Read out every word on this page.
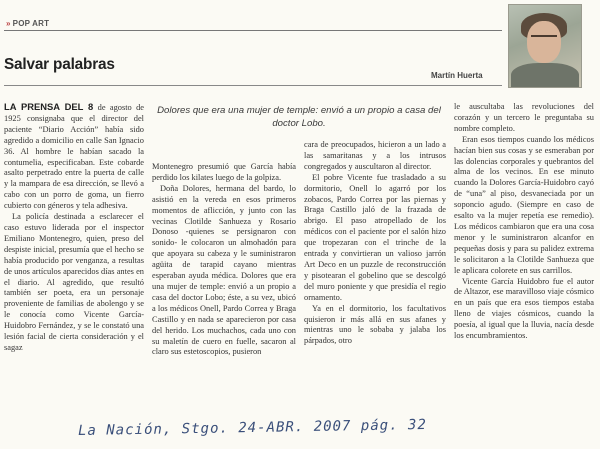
» POP ART
Salvar palabras
Martín Huerta
Dolores que era una mujer de temple: envió a un propio a casa del doctor Lobo.

LA PRENSA DEL 8 de agosto de 1925 consignaba que el director del paciente “Diario Acción” había sido agredido a domicilio en calle San Ignacio 36. Al hombre le habían sacado la contumelia, especificaban. Este cobarde asalto perpetrado entre la puerta de calle y la mampara de esa dirección, se llevó a cabo con un porro de goma, un fierro cubierto con géneros y tela adhesiva.

La policía destinada a esclarecer el caso estuvo liderada por el inspector Emiliano Montenegro, quien, preso del despiste inicial, presumía que el hecho se había producido por venganza, a resultas de unos artículos aparecidos días antes en el diario. Al agredido, que resultó también ser poeta, era un personaje proveniente de familias de abolengo y se le conocía como Vicente García-Huidobro Fernández, y se le constató una lesión facial de cierta consideración y el sagaz

Montenegro presumió que García había perdido los kilates luego de la golpiza.

Doña Dolores, hermana del bardo, lo asistió en la vereda en esos primeros momentos de aflicción, y junto con las vecinas Clotilde Sanhueza y Rosario Donoso -quienes se persignaron con sonido- le colocaron un almohadón para que apoyara su cabeza y le suministraron agüita de tarapid cayano mientras esperaban ayuda médica. Dolores que era una mujer de temple: envió a un propio a casa del doctor Lobo; éste, a su vez, ubicó a los médicos Onell, Pardo Correa y Braga Castillo y en nada se aparecieron por casa del herido. Los muchachos, cada uno con su maletín de cuero en fuelle, sacaron al claro sus estetoscopios, pusieron

cara de preocupados, hicieron a un lado a las samaritanas y a los intrusos congregados y auscultaron al director.

El pobre Vicente fue trasladado a su dormitorio, Onell lo agarró por los zobacos, Pardo Correa por las piernas y Braga Castillo jaló de la frazada de abrigo. El paso atropellado de los médicos con el paciente por el salón hizo que tropezaran con el trinche de la entrada y convirtieran un valioso jarrón Art Deco en un puzzle de reconstrucción y pisotearan el gobelino que se descolgó del muro poniente y que presidía el regio ornamento.

Ya en el dormitorio, los facultativos quisieron ir más allá en sus afanes y mientras uno le sobaba y jalaba los párpados, otro

le auscultaba las revoluciones del corazón y un tercero le preguntaba su nombre completo.

Eran esos tiempos cuando los médicos hacían bien sus cosas y se esmeraban por las dolencias corporales y quebrantos del alma de los vecinos. En ese minuto cuando la Dolores García-Huidobro cayó de “una” al piso, desvaneciada por un soponcio agudo. (Siempre en caso de esalto va la mujer repetía ese remedio). Los médicos cambiaron que era una cosa menor y le suministraron alcanfor en pequeñas dosis y para su palidez extrema le solicitaron a la Clotilde Sanhueza que le aplicara colorete en sus carrillos.

Vicente García Huidobro fue el autor de Altazor, ese maravilloso viaje cósmico en un país que era esos tiempos estaba lleno de viajes cósmicos, cuando la poesía, al igual que la lluvia, nacía desde los encumbramientos.

La Nación, Stgo. 24-ABR. 2007 pág. 32
